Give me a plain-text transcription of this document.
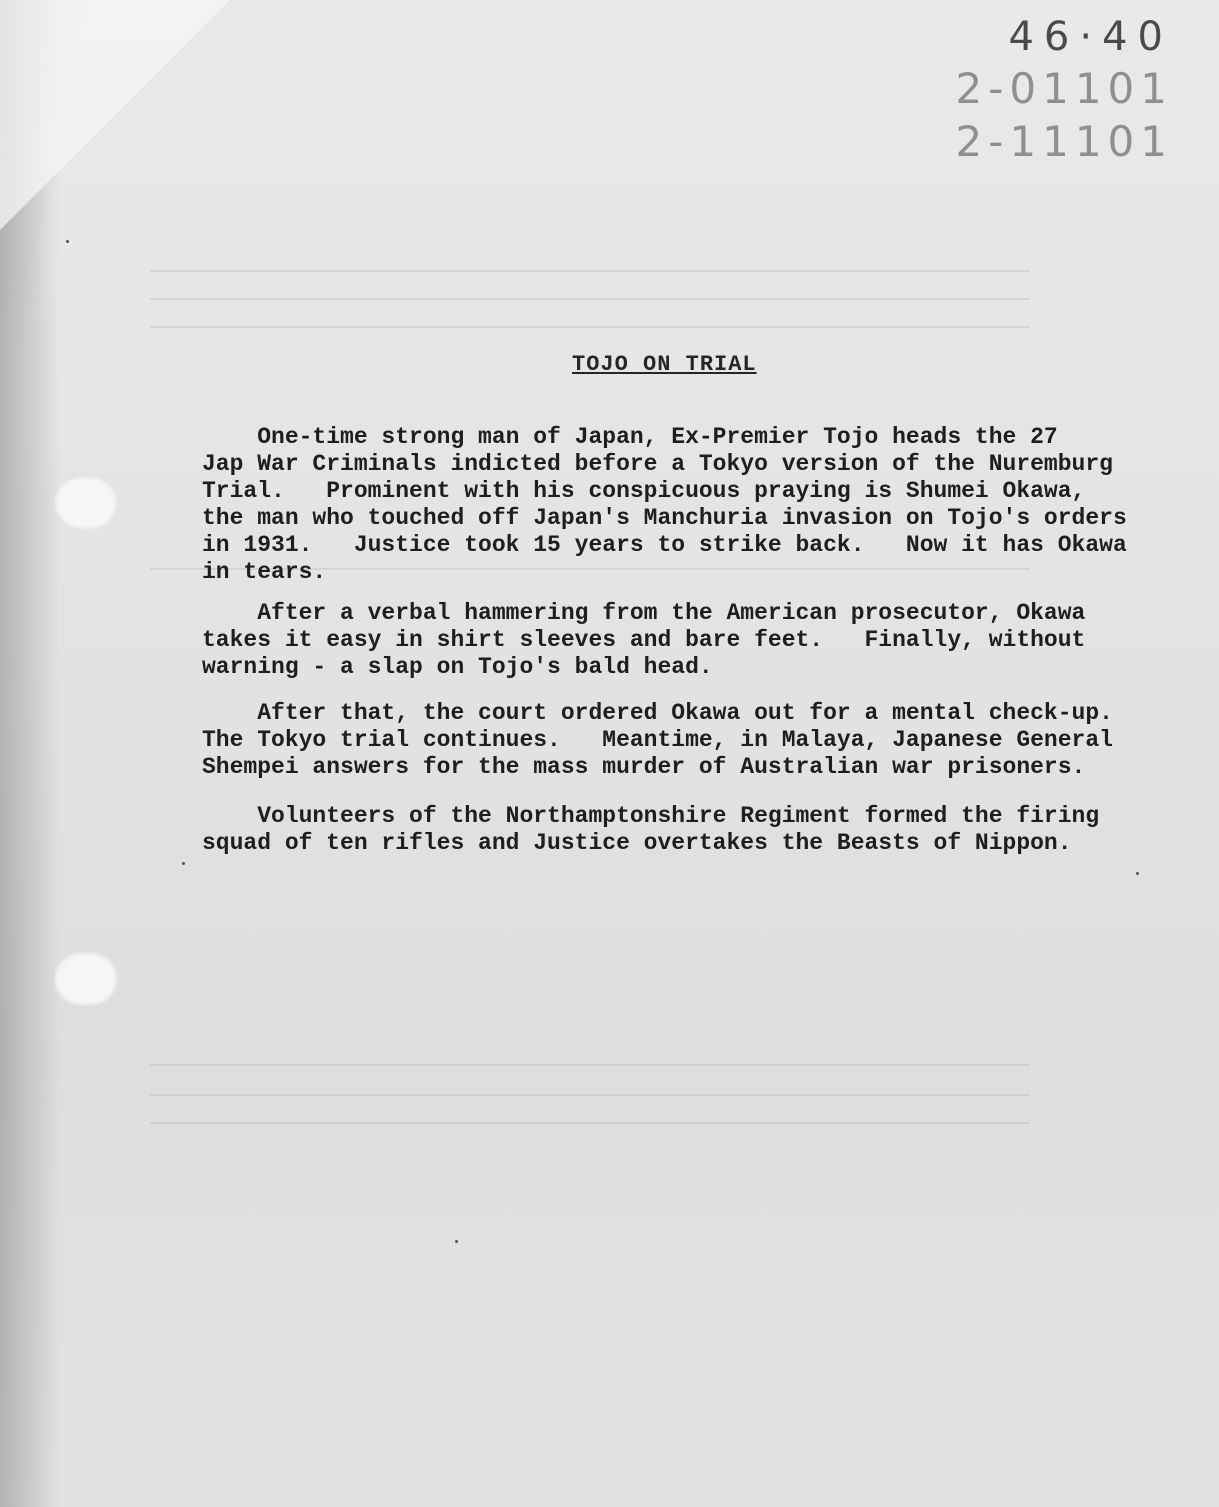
46·40
2-01101
2-11101
TOJO ON TRIAL
One-time strong man of Japan, Ex-Premier Tojo heads the 27
Jap War Criminals indicted before a Tokyo version of the Nuremburg
Trial.   Prominent with his conspicuous praying is Shumei Okawa,
the man who touched off Japan's Manchuria invasion on Tojo's orders
in 1931.   Justice took 15 years to strike back.   Now it has Okawa
in tears.
After a verbal hammering from the American prosecutor, Okawa
takes it easy in shirt sleeves and bare feet.   Finally, without
warning - a slap on Tojo's bald head.
After that, the court ordered Okawa out for a mental check-up.
The Tokyo trial continues.   Meantime, in Malaya, Japanese General
Shempei answers for the mass murder of Australian war prisoners.
Volunteers of the Northamptonshire Regiment formed the firing
squad of ten rifles and Justice overtakes the Beasts of Nippon.
